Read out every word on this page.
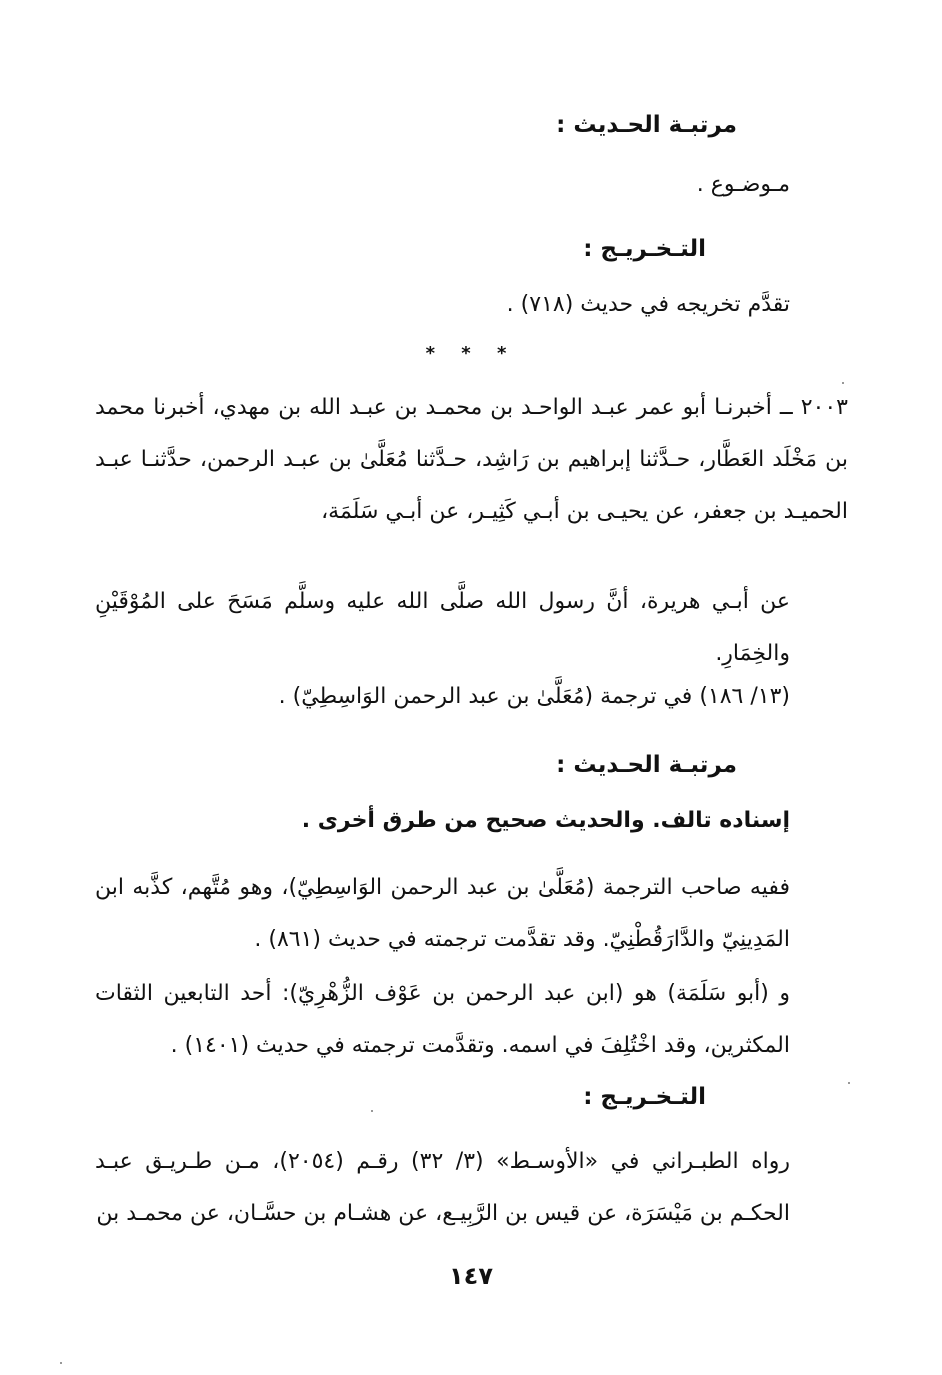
مرتبـة الحـديث :
مـوضـوع .
التـخـريـج :
تقدَّم تخريجه في حديث (٧١٨) .
* * *
٢٠٠٣ ــ أخبرنـا أبو عمر عبـد الواحـد بن محمـد بن عبـد الله بن مهدي، أخبرنا محمد بن مَخْلَد العَطَّار، حـدَّثنا إبراهيم بن رَاشِد، حـدَّثنا مُعَلَّىٰ بن عبـد الرحمن، حدَّثنـا عبـد الحميـد بن جعفر، عن يحيـى بن أبـي كَثِيـر، عن أبـي سَلَمَة،
عن أبـي هريرة، أنَّ رسول الله صلَّى الله عليه وسلَّم مَسَحَ على المُوْقَيْنِ والخِمَارِ.
(١٣/ ١٨٦) في ترجمة (مُعَلَّىٰ بن عبد الرحمن الوَاسِطِيّ) .
مرتبـة الحـديث :
إسناده تالف. والحديث صحيح من طرق أخرى .
ففيه صاحب الترجمة (مُعَلَّىٰ بن عبد الرحمن الوَاسِطِيّ)، وهو مُتَّهم، كذَّبه ابن المَدِينِيّ والدَّارَقُطْنِيّ. وقد تقدَّمت ترجمته في حديث (٨٦١) .
و (أبو سَلَمَة) هو (ابن عبد الرحمن بن عَوْف الزُّهْرِيّ): أحد التابعين الثقات المكثرين، وقد اخْتُلِفَ في اسمه. وتقدَّمت ترجمته في حديث (١٤٠١) .
التـخـريـج :
رواه الطبـراني في «الأوسـط» (٣/ ٣٢) رقـم (٢٠٥٤)، مـن طـريـق عبـد الحكـم بن مَيْسَرَة، عن قيس بن الرَّبِيـع، عن هشـام بن حسَّـان، عن محمـد بن
١٤٧
